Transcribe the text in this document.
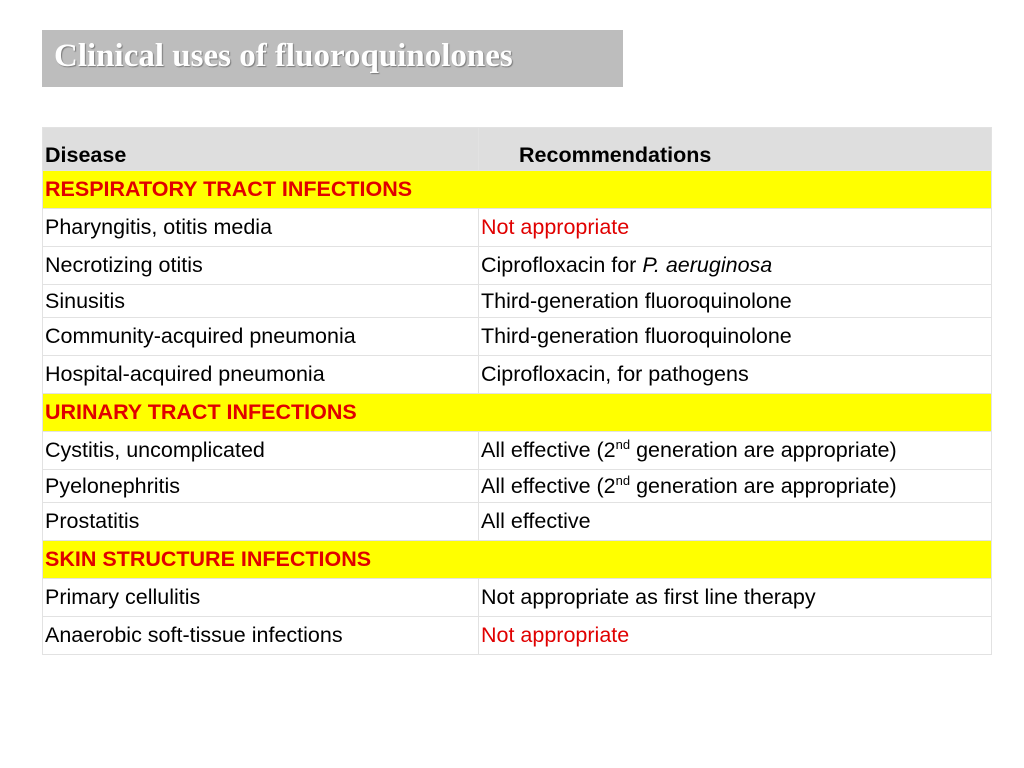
Clinical uses of fluoroquinolones
Disease	Recommendations
RESPIRATORY TRACT INFECTIONS	
Pharyngitis, otitis media	Not appropriate
Necrotizing otitis	Ciprofloxacin for P. aeruginosa
Sinusitis	Third-generation fluoroquinolone
Community-acquired pneumonia	Third-generation fluoroquinolone
Hospital-acquired pneumonia	Ciprofloxacin, for pathogens
URINARY TRACT INFECTIONS	
Cystitis, uncomplicated	All effective (2nd generation are appropriate)
Pyelonephritis	All effective (2nd generation are appropriate)
Prostatitis	All effective
SKIN STRUCTURE INFECTIONS	
Primary cellulitis	Not appropriate as first line therapy
Anaerobic soft-tissue infections	Not appropriate
